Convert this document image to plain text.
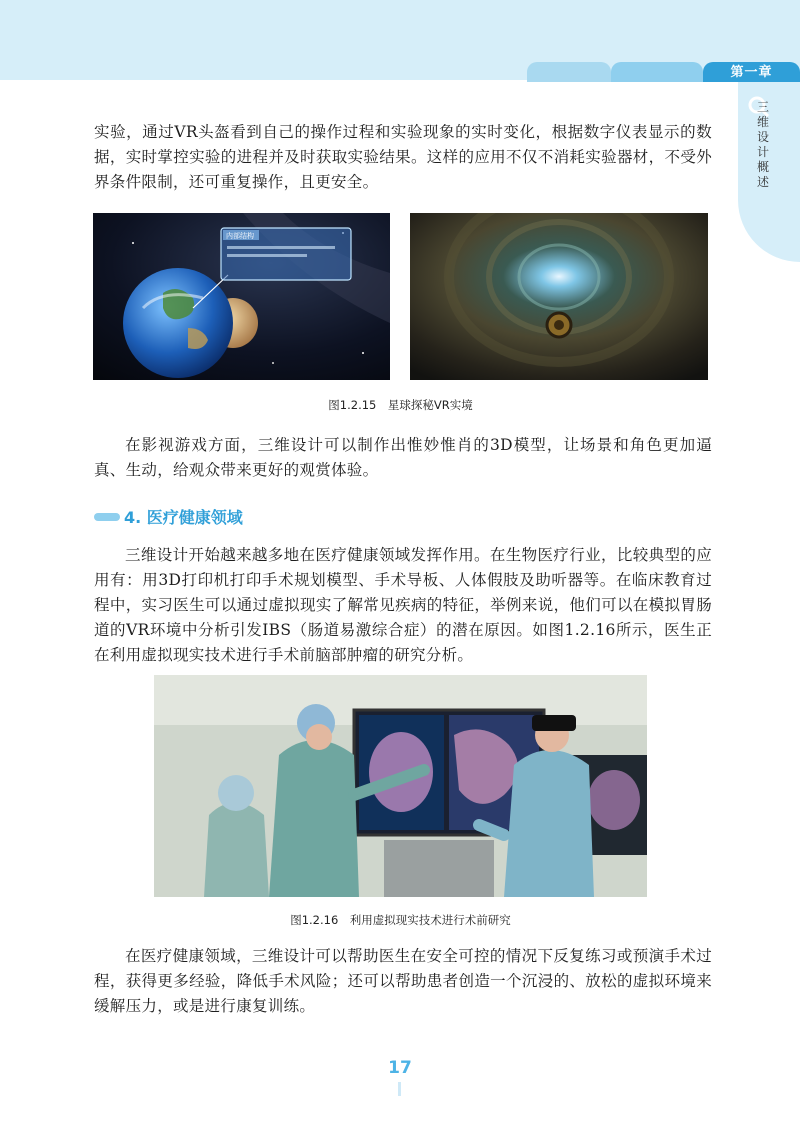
第一章
三维设计概述

实验，通过VR头盔看到自己的操作过程和实验现象的实时变化，根据数字仪表显示的数据，实时掌控实验的进程并及时获取实验结果。这样的应用不仅不消耗实验器材，不受外界条件限制，还可重复操作，且更安全。

内部结构
图1.2.15　星球探秘VR实境

在影视游戏方面，三维设计可以制作出惟妙惟肖的3D模型，让场景和角色更加逼真、生动，给观众带来更好的观赏体验。

4. 医疗健康领域

三维设计开始越来越多地在医疗健康领域发挥作用。在生物医疗行业，比较典型的应用有：用3D打印机打印手术规划模型、手术导板、人体假肢及助听器等。在临床教育过程中，实习医生可以通过虚拟现实了解常见疾病的特征，举例来说，他们可以在模拟胃肠道的VR环境中分析引发IBS（肠道易激综合症）的潜在原因。如图1.2.16所示，医生正在利用虚拟现实技术进行手术前脑部肿瘤的研究分析。

图1.2.16　利用虚拟现实技术进行术前研究

在医疗健康领域，三维设计可以帮助医生在安全可控的情况下反复练习或预演手术过程，获得更多经验，降低手术风险；还可以帮助患者创造一个沉浸的、放松的虚拟环境来缓解压力，或是进行康复训练。

17
